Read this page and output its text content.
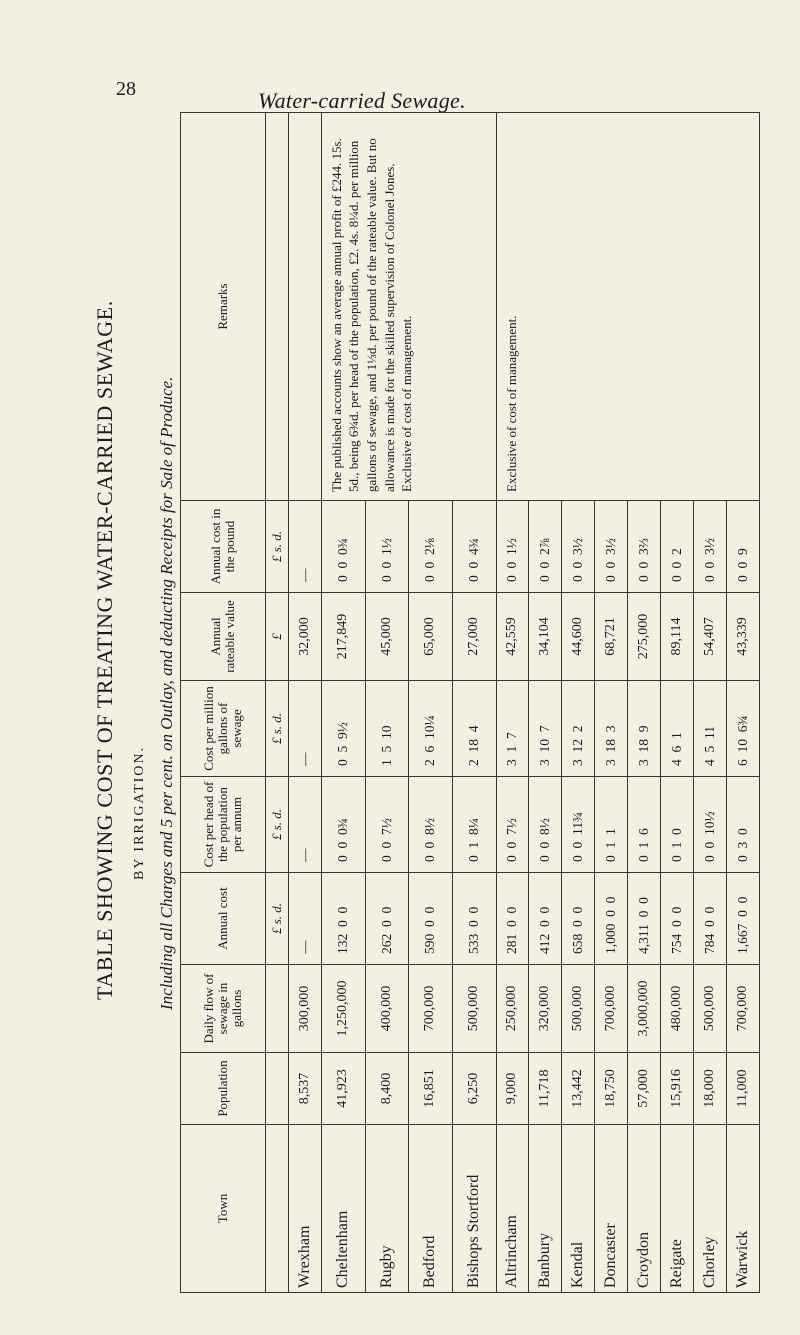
28	Water-carried Sewage.
TABLE SHOWING COST OF TREATING WATER-CARRIED SEWAGE. BY IRRIGATION. Including all Charges and 5 per cent. on Outlay, and deducting Receipts for Sale of Produce.
Town	Population	Daily flow of sewage in gallons	Annual cost	Cost per head of the population per annum	Cost per million gallons of sewage	Annual rateable value	Annual cost in the pound	Remarks
			£ s. d.	£ s. d.	£ s. d.	£	£ s. d.	
Wrexham	8,537	300,000	—	—	—	32,000	—	
Cheltenham	41,923	1,250,000	132  0  0	0  0  0¾	0  5  9½	217,849	0  0  0¾	The published accounts show an average annual profit of £244. 15s. 5d., being 6¾d. per head of the population, £2. 4s. 8¼d. per million gallons of sewage, and 1⅓d. per pound of the rateable value. But no allowance is made for the skilled supervision of Colonel Jones. Exclusive of cost of management.

Rugby	8,400	400,000	262  0  0	0  0  7½	1  5  10	45,000	0  0  1½	
Bedford	16,851	700,000	590  0  0	0  0  8½	2  6  10¼	65,000	0  0  2⅛	
Bishops Stortford	6,250	500,000	533  0  0	0  1  8¼	2  18  4	27,000	0  0  4¾	
Altrincham	9,000	250,000	281  0  0	0  0  7½	3  1  7	42,559	0  0  1½	Exclusive of cost of management.

Banbury	11,718	320,000	412  0  0	0  0  8½	3  10  7	34,104	0  0  2⅞	
Kendal	13,442	500,000	658  0  0	0  0  11¾	3  12  2	44,600	0  0  3½	
Doncaster	18,750	700,000	1,000  0  0	0  1  1	3  18  3	68,721	0  0  3½	
Croydon	57,000	3,000,000	4,311  0  0	0  1  6	3  18  9	275,000	0  0  3⅔	
Reigate	15,916	480,000	754  0  0	0  1  0	4  6  1	89,114	0  0  2	
Chorley	18,000	500,000	784  0  0	0  0  10½	4  5  11	54,407	0  0  3½	
Warwick	11,000	700,000	1,667  0  0	0  3  0	6  10  6¾	43,339	0  0  9	
